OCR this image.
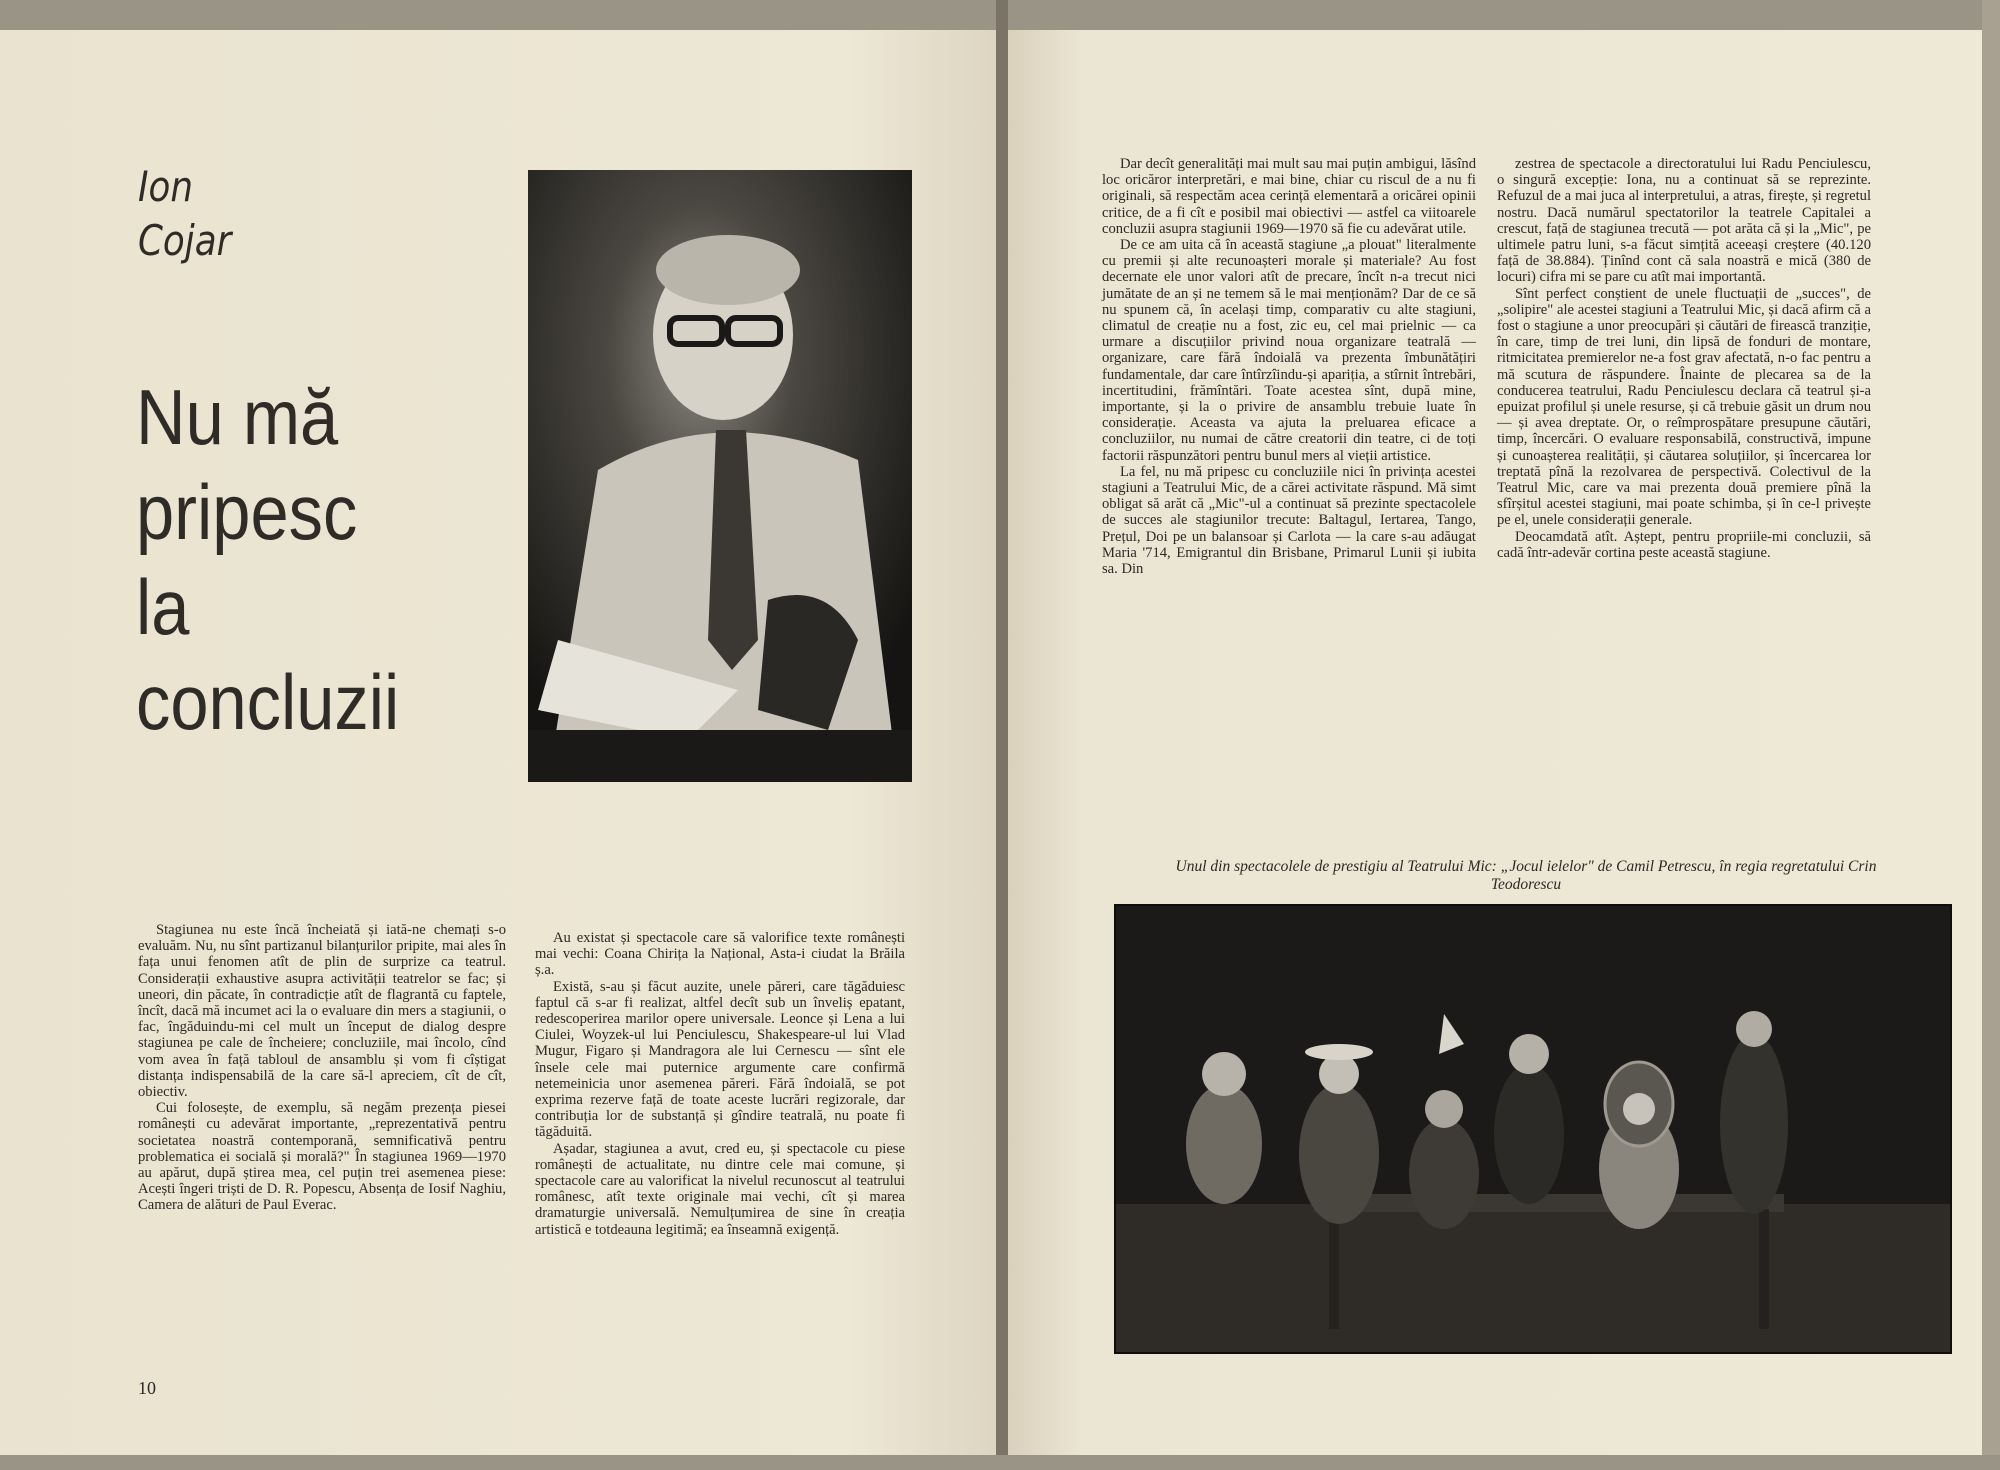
Ion
Cojar
Nu mă
pripesc
la
concluzii

Stagiunea nu este încă încheiată și iată-ne chemați s-o evaluăm. Nu, nu sînt partizanul bilanțurilor pripite, mai ales în fața unui fenomen atît de plin de surprize ca teatrul. Considerații exhaustive asupra activității teatrelor se fac; și uneori, din păcate, în contradicție atît de flagrantă cu faptele, încît, dacă mă incumet aci la o evaluare din mers a stagiunii, o fac, îngăduindu-mi cel mult un început de dialog despre stagiunea pe cale de încheiere; concluziile, mai încolo, cînd vom avea în față tabloul de ansamblu și vom fi cîștigat distanța indispensabilă de la care să-l apreciem, cît de cît, obiectiv.

Cui folosește, de exemplu, să negăm prezența piesei românești cu adevărat importante, „reprezentativă pentru societatea noastră contemporană, semnificativă pentru problematica ei socială și morală?" În stagiunea 1969—1970 au apărut, după știrea mea, cel puțin trei asemenea piese: Acești îngeri triști de D. R. Popescu, Absența de Iosif Naghiu, Camera de alături de Paul Everac.

Au existat și spectacole care să valorifice texte românești mai vechi: Coana Chirița la Național, Asta-i ciudat la Brăila ș.a.

Există, s-au și făcut auzite, unele păreri, care tăgăduiesc faptul că s-ar fi realizat, altfel decît sub un înveliș epatant, redescoperirea marilor opere universale. Leonce și Lena a lui Ciulei, Woyzek-ul lui Penciulescu, Shakespeare-ul lui Vlad Mugur, Figaro și Mandragora ale lui Cernescu — sînt ele însele cele mai puternice argumente care confirmă netemeinicia unor asemenea păreri. Fără îndoială, se pot exprima rezerve față de toate aceste lucrări regizorale, dar contribuția lor de substanță și gîndire teatrală, nu poate fi tăgăduită.

Așadar, stagiunea a avut, cred eu, și spectacole cu piese românești de actualitate, nu dintre cele mai comune, și spectacole care au valorificat la nivelul recunoscut al teatrului românesc, atît texte originale mai vechi, cît și marea dramaturgie universală. Nemulțumirea de sine în creația artistică e totdeauna legitimă; ea înseamnă exigență.

10

Dar decît generalități mai mult sau mai puțin ambigui, lăsînd loc oricăror interpretări, e mai bine, chiar cu riscul de a nu fi originali, să respectăm acea cerință elementară a oricărei opinii critice, de a fi cît e posibil mai obiectivi — astfel ca viitoarele concluzii asupra stagiunii 1969—1970 să fie cu adevărat utile.

De ce am uita că în această stagiune „a plouat" literalmente cu premii și alte recunoașteri morale și materiale? Au fost decernate ele unor valori atît de precare, încît n-a trecut nici jumătate de an și ne temem să le mai menționăm? Dar de ce să nu spunem că, în același timp, comparativ cu alte stagiuni, climatul de creație nu a fost, zic eu, cel mai prielnic — ca urmare a discuțiilor privind noua organizare teatrală — organizare, care fără îndoială va prezenta îmbunătățiri fundamentale, dar care întîrzîindu-și apariția, a stîrnit întrebări, incertitudini, frămîntări. Toate acestea sînt, după mine, importante, și la o privire de ansamblu trebuie luate în considerație. Aceasta va ajuta la preluarea eficace a concluziilor, nu numai de către creatorii din teatre, ci de toți factorii răspunzători pentru bunul mers al vieții artistice.

La fel, nu mă pripesc cu concluziile nici în privința acestei stagiuni a Teatrului Mic, de a cărei activitate răspund. Mă simt obligat să arăt că „Mic"-ul a continuat să prezinte spectacolele de succes ale stagiunilor trecute: Baltagul, Iertarea, Tango, Prețul, Doi pe un balansoar și Carlota — la care s-au adăugat Maria '714, Emigrantul din Brisbane, Primarul Lunii și iubita sa. Din

zestrea de spectacole a directoratului lui Radu Penciulescu, o singură excepție: Iona, nu a continuat să se reprezinte. Refuzul de a mai juca al interpretului, a atras, firește, și regretul nostru. Dacă numărul spectatorilor la teatrele Capitalei a crescut, față de stagiunea trecută — pot arăta că și la „Mic", pe ultimele patru luni, s-a făcut simțită aceeași creștere (40.120 față de 38.884). Ținînd cont că sala noastră e mică (380 de locuri) cifra mi se pare cu atît mai importantă.

Sînt perfect conștient de unele fluctuații de „succes", de „solipire" ale acestei stagiuni a Teatrului Mic, și dacă afirm că a fost o stagiune a unor preocupări și căutări de firească tranziție, în care, timp de trei luni, din lipsă de fonduri de montare, ritmicitatea premierelor ne-a fost grav afectată, n-o fac pentru a mă scutura de răspundere. Înainte de plecarea sa de la conducerea teatrului, Radu Penciulescu declara că teatrul și-a epuizat profilul și unele resurse, și că trebuie găsit un drum nou — și avea dreptate. Or, o reîmprospătare presupune căutări, timp, încercări. O evaluare responsabilă, constructivă, impune și cunoașterea realității, și căutarea soluțiilor, și încercarea lor treptată pînă la rezolvarea de perspectivă. Colectivul de la Teatrul Mic, care va mai prezenta două premiere pînă la sfîrșitul acestei stagiuni, mai poate schimba, și în ce-l privește pe el, unele considerații generale.

Deocamdată atît. Aștept, pentru propriile-mi concluzii, să cadă într-adevăr cortina peste această stagiune.

Unul din spectacolele de prestigiu al Teatrului Mic: „Jocul ielelor" de Camil Petrescu, în regia regretatului Crin Teodorescu
